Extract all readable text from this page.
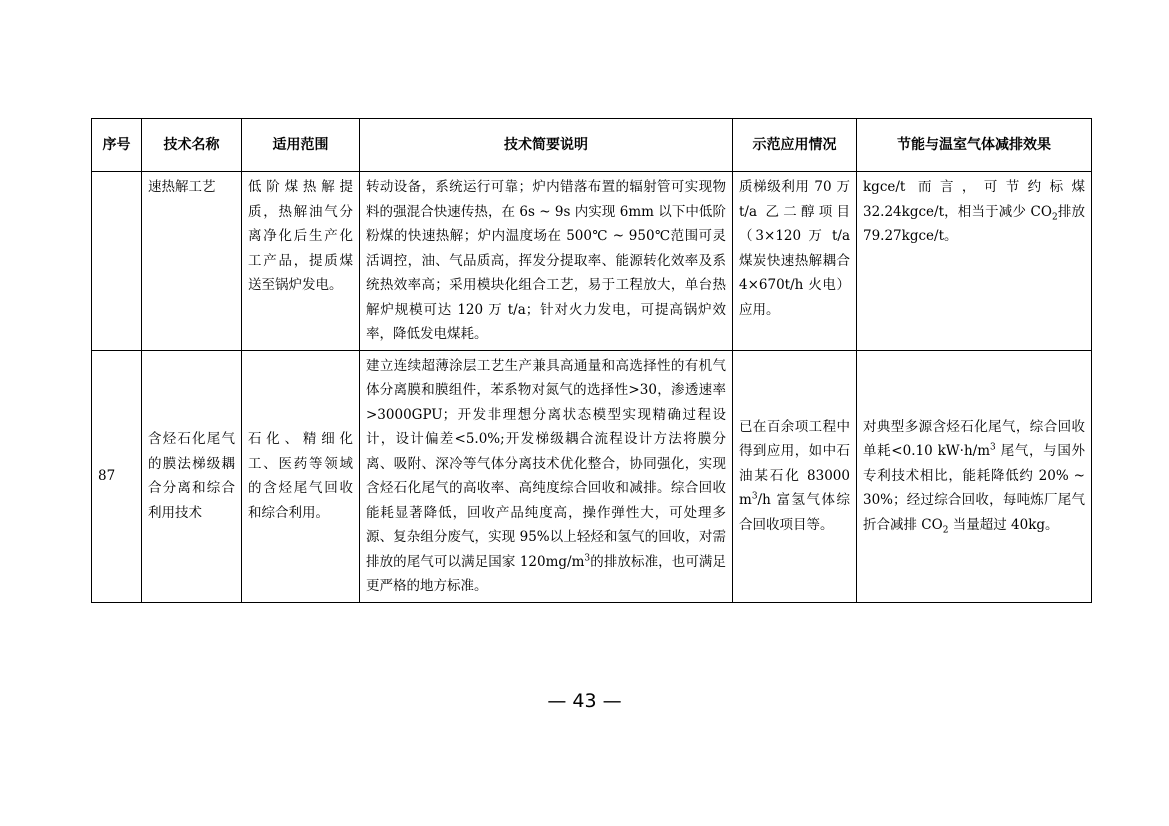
序号	技术名称	适用范围	技术简要说明	示范应用情况	节能与温室气体减排效果
	速热解工艺	低阶煤热解提质，热解油气分离净化后生产化工产品，提质煤送至锅炉发电。	转动设备，系统运行可靠；炉内错落布置的辐射管可实现物料的强混合快速传热，在 6s ~ 9s 内实现 6mm 以下中低阶粉煤的快速热解；炉内温度场在 500℃ ~ 950℃范围可灵活调控，油、气品质高，挥发分提取率、能源转化效率及系统热效率高；采用模块化组合工艺，易于工程放大，单台热解炉规模可达 120 万 t/a；针对火力发电，可提高锅炉效率，降低发电煤耗。	质梯级利用 70 万 t/a 乙二醇项目（3×120 万 t/a 煤炭快速热解耦合 4×670t/h 火电）应用。	kgce/t 而言，可节约标煤 32.24kgce/t，相当于减少 $CO_2$排放 79.27kgce/t。
87	含烃石化尾气的膜法梯级耦合分离和综合利用技术	石化、精细化工、医药等领域的含烃尾气回收和综合利用。	建立连续超薄涂层工艺生产兼具高通量和高选择性的有机气体分离膜和膜组件，苯系物对氮气的选择性>30，渗透速率>3000GPU；开发非理想分离状态模型实现精确过程设计，设计偏差<5.0%;开发梯级耦合流程设计方法将膜分离、吸附、深冷等气体分离技术优化整合，协同强化，实现含烃石化尾气的高收率、高纯度综合回收和减排。综合回收能耗显著降低，回收产品纯度高，操作弹性大，可处理多源、复杂组分废气，实现 95%以上轻烃和氢气的回收，对需排放的尾气可以满足国家 $120mg/m^3$的排放标准，也可满足更严格的地方标准。	已在百余项工程中得到应用，如中石油某石化 83000 $m^3/h$ 富氢气体综合回收项目等。	对典型多源含烃石化尾气，综合回收单耗<0.10 $kW\cdot h/m^3$ 尾气，与国外专利技术相比，能耗降低约 20% ~ 30%；经过综合回收，每吨炼厂尾气折合减排 $CO_2$ 当量超过 40kg。
— 43 —
